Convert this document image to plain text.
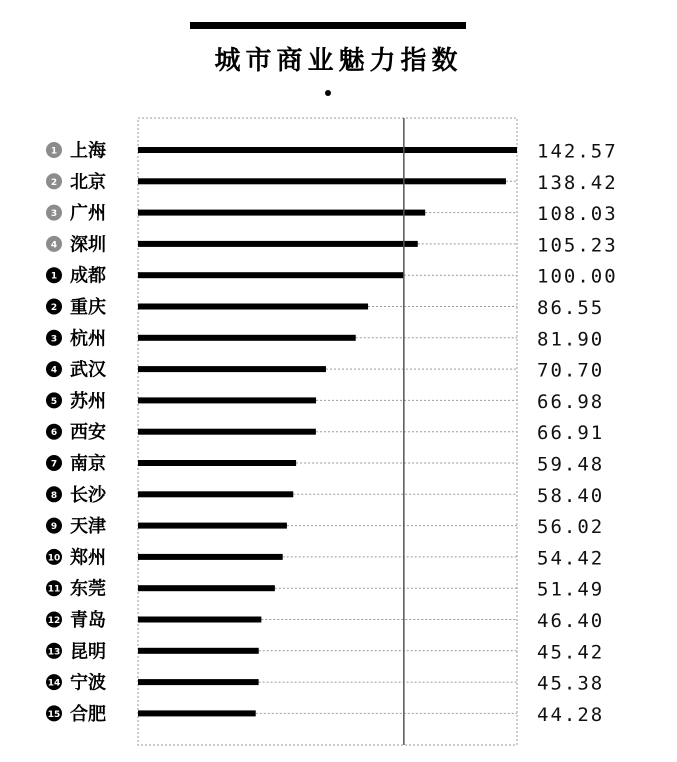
城市商业魅力指数
1 上海	142.57
2 北京	138.42
3 广州	108.03
4 深圳	105.23
1 成都	100.00
2 重庆	86.55
3 杭州	81.90
4 武汉	70.70
5 苏州	66.98
6 西安	66.91
7 南京	59.48
8 长沙	58.40
9 天津	56.02
10 郑州	54.42
11 东莞	51.49
12 青岛	46.40
13 昆明	45.42
14 宁波	45.38
15 合肥	44.28
